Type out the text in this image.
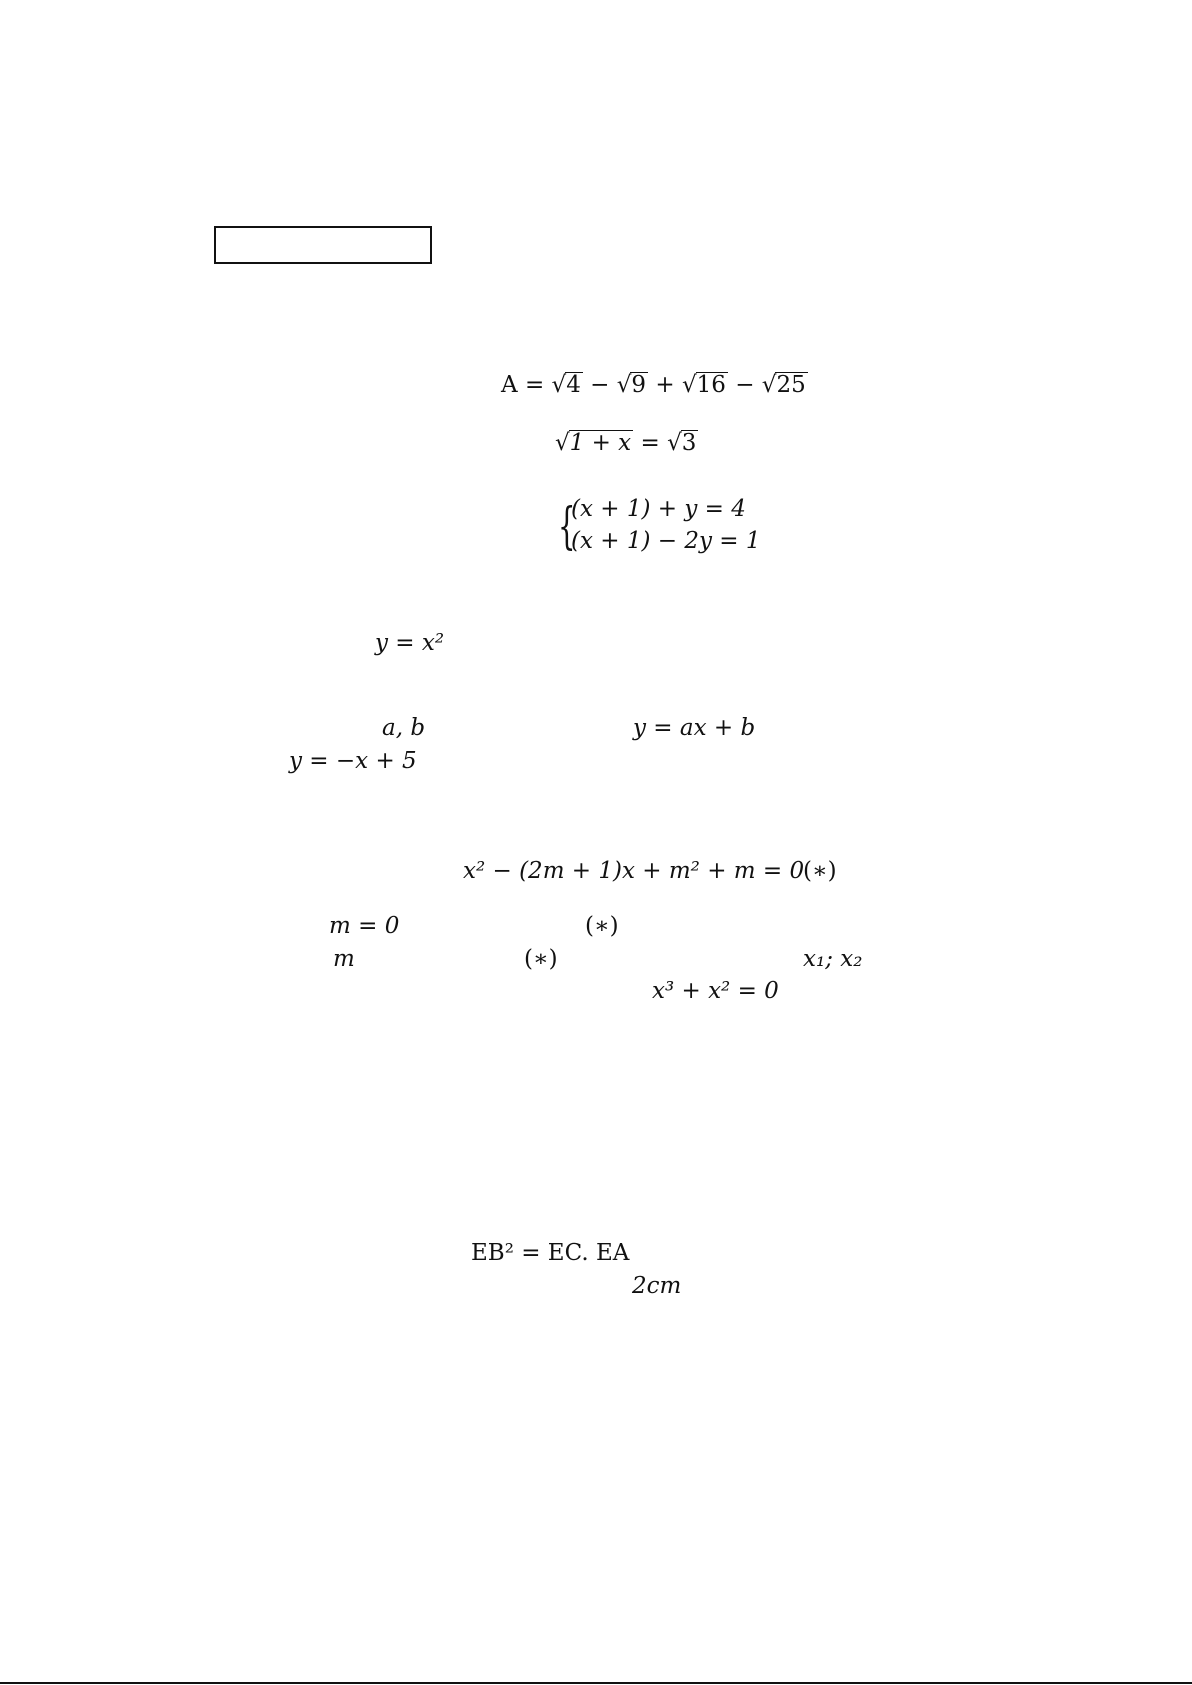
A = √4 − √9 + √16 − √25
√1 + x = √3
{
(x + 1) + y = 4
(x + 1) − 2y = 1
y = x²
a, b	y = ax + b
y = −x + 5
x² − (2m + 1)x + m² + m = 0
(∗)
m = 0	(∗)
m	(∗)	x₁; x₂
x³ + x² = 0
EB² = EC. EA
2cm
